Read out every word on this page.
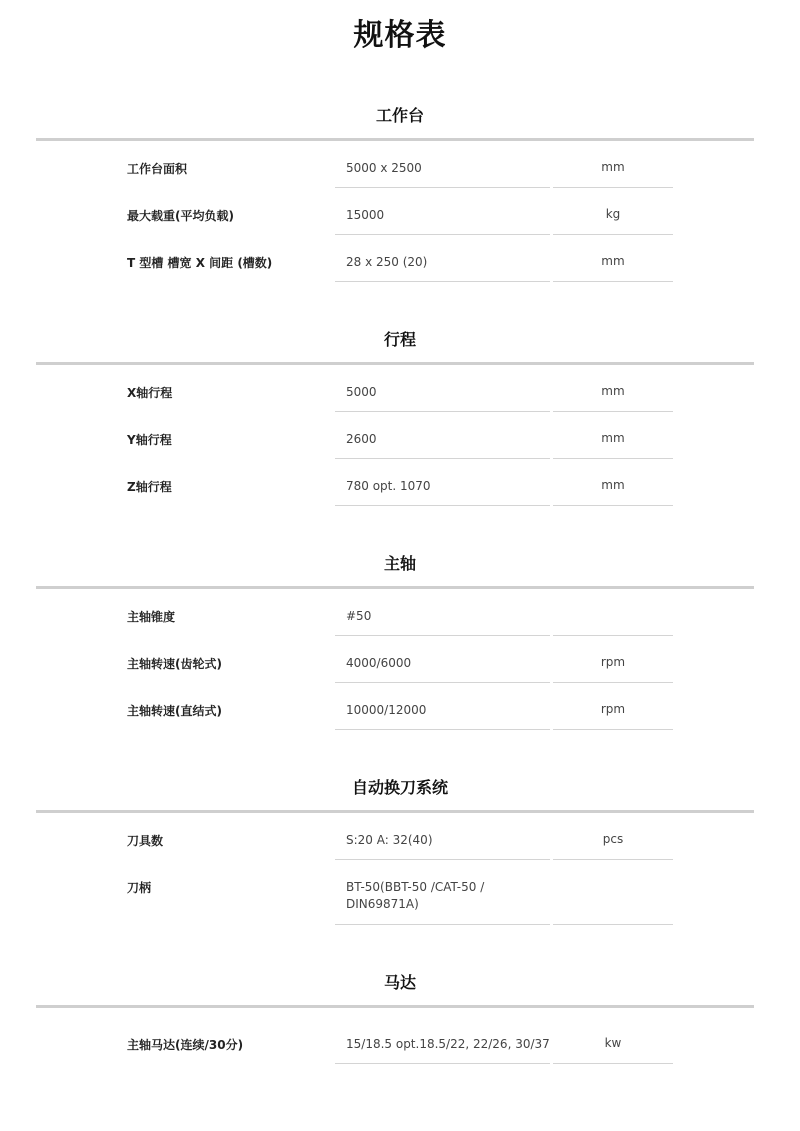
规格表
工作台
工作台面积	5000 x 2500	mm
最大载重(平均负载)	15000	kg
T 型槽 槽宽 X 间距 (槽数)	28 x 250 (20)	mm
行程
X轴行程	5000	mm
Y轴行程	2600	mm
Z轴行程	780 opt. 1070	mm
主轴
主轴锥度	#50
主轴转速(齿轮式)	4000/6000	rpm
主轴转速(直结式)	10000/12000	rpm
自动换刀系统
刀具数	S:20 A: 32(40)	pcs
刀柄	BT-50(BBT-50 /CAT-50 / DIN69871A)
马达
主轴马达(连续/30分)	15/18.5 opt.18.5/22, 22/26, 30/37	kw
